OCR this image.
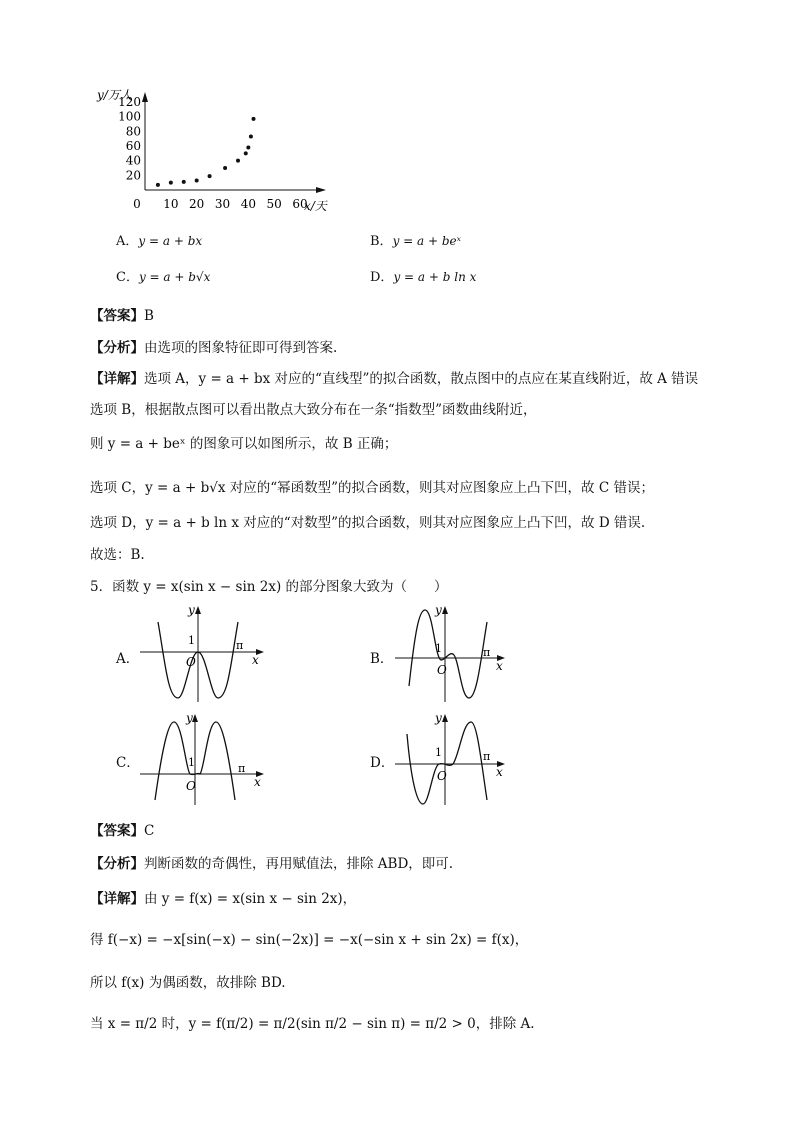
y/万人
x/天
120
100
80
60
40
20
0 10 20 30 40 50 60
A．y = a + bx	B．y = a + beˣ
C．y = a + b√x	D．y = a + b ln x
【答案】B
【分析】由选项的图象特征即可得到答案.
【详解】选项 A，y = a + bx 对应的“直线型”的拟合函数，散点图中的点应在某直线附近，故 A 错误
选项 B，根据散点图可以看出散点大致分布在一条“指数型”函数曲线附近，
则 y = a + beˣ 的图象可以如图所示，故 B 正确；
选项 C，y = a + b√x 对应的“幂函数型”的拟合函数，则其对应图象应上凸下凹，故 C 错误；
选项 D，y = a + b ln x 对应的“对数型”的拟合函数，则其对应图象应上凸下凹，故 D 错误.
故选：B.
5．函数 y = x(sin x − sin 2x) 的部分图象大致为（　　）
A．	B．
C．	D．
y
x
1
O
π
y
x
1
O
π
y
x
1
O
π
y
x
1
O
π
【答案】C
【分析】判断函数的奇偶性，再用赋值法，排除 ABD，即可.
【详解】由 y = f(x) = x(sin x − sin 2x)，
得 f(−x) = −x[sin(−x) − sin(−2x)] = −x(−sin x + sin 2x) = f(x)，
所以 f(x) 为偶函数，故排除 BD.
当 x = π/2 时，y = f(π/2) = π/2(sin π/2 − sin π) = π/2 > 0，排除 A.
